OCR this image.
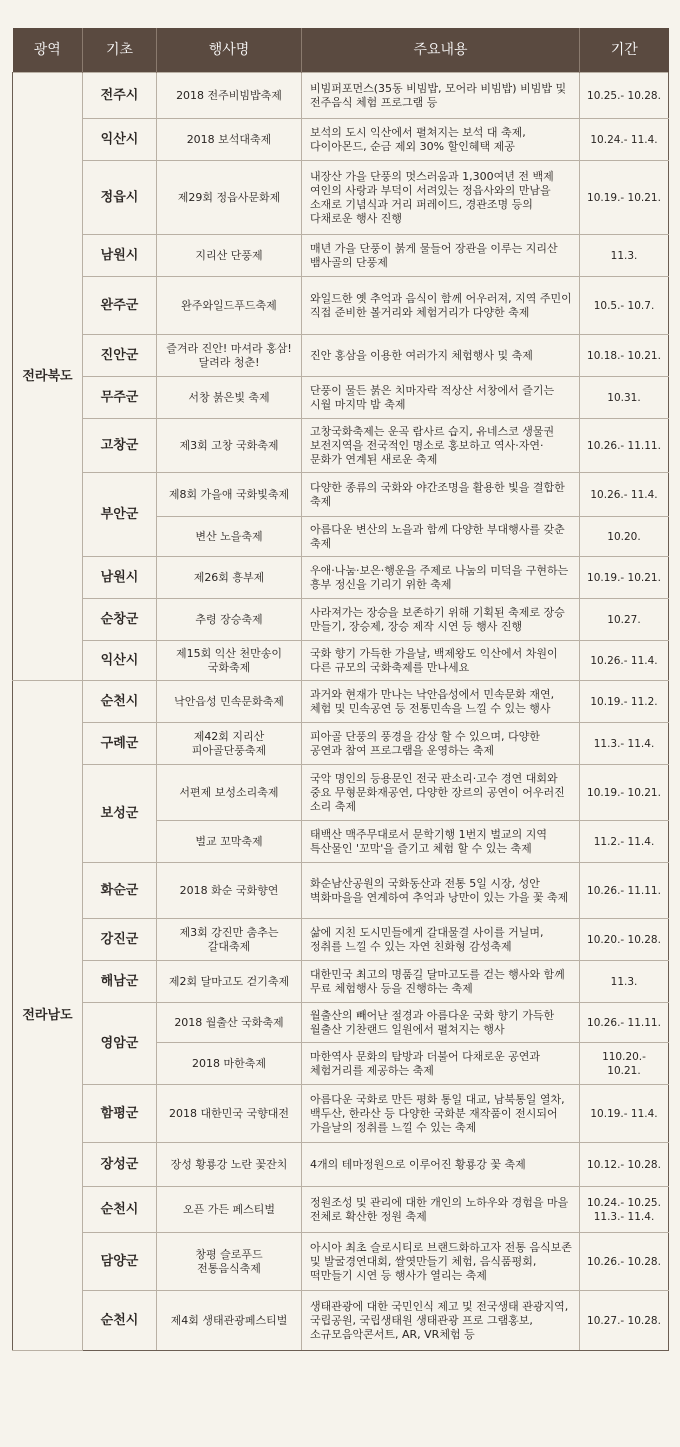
광역	기초	행사명	주요내용	기간
전라북도	전주시	2018 전주비빔밥축제	비빔퍼포먼스(35동 비빔밥, 모어라 비빔밥) 비빔밥 및 전주음식 체험 프로그램 등	10.25.- 10.28.

	익산시	2018 보석대축제	보석의 도시 익산에서 펼쳐지는 보석 대 축제, 다이아몬드, 순금 제외 30% 할인혜택 제공	10.24.- 11.4.

	정읍시	제29회 정읍사문화제	내장산 가을 단풍의 멋스러움과 1,300여년 전 백제 여인의 사랑과 부덕이 서려있는 정읍사와의 만남을 소재로 기념식과 거리 퍼레이드, 경관조명 등의 다채로운 행사 진행	10.19.- 10.21.

	남원시	지리산 단풍제	매년 가을 단풍이 붉게 물들어 장관을 이루는 지리산 뱀사골의 단풍제	11.3.

	완주군	완주와일드푸드축제	와일드한 옛 추억과 음식이 함께 어우러져, 지역 주민이 직접 준비한 볼거리와 체험거리가 다양한 축제	10.5.- 10.7.

	진안군	즐겨라 진안! 마셔라 홍삼! 달려라 청춘!	진안 홍삼을 이용한 여러가지 체험행사 및 축제	10.18.- 10.21.

	무주군	서창 붉은빛 축제	단풍이 물든 붉은 치마자락 적상산 서창에서 즐기는 시월 마지막 밤 축제	10.31.

	고창군	제3회 고창 국화축제	고창국화축제는 운곡 람사르 습지, 유네스코 생물권 보전지역을 전국적인 명소로 홍보하고 역사·자연·문화가 연계된 새로운 축제	10.26.- 11.11.

	부안군	제8회 가을애 국화빛축제	다양한 종류의 국화와 야간조명을 활용한 빛을 결합한 축제	10.26.- 11.4.

		변산 노을축제	아름다운 변산의 노을과 함께 다양한 부대행사를 갖춘 축제	10.20.

	남원시	제26회 흥부제	우애·나눔·보은·행운을 주제로 나눔의 미덕을 구현하는 흥부 정신을 기리기 위한 축제	10.19.- 10.21.

	순창군	추령 장승축제	사라져가는 장승을 보존하기 위해 기획된 축제로 장승 만들기, 장승제, 장승 제작 시연 등 행사 진행	10.27.

	익산시	제15회 익산 천만송이 국화축제	국화 향기 가득한 가을날, 백제왕도 익산에서 차원이 다른 규모의 국화축제를 만나세요	10.26.- 11.4.

전라남도	순천시	낙안읍성 민속문화축제	과거와 현재가 만나는 낙안읍성에서 민속문화 재연, 체험 및 민속공연 등 전통민속을 느낄 수 있는 행사	10.19.- 11.2.

	구례군	제42회 지리산 피아골단풍축제	피아골 단풍의 풍경을 감상 할 수 있으며, 다양한 공연과 참여 프로그램을 운영하는 축제	11.3.- 11.4.

	보성군	서편제 보성소리축제	국악 명인의 등용문인 전국 판소리·고수 경연 대회와 중요 무형문화재공연, 다양한 장르의 공연이 어우러진 소리 축제	10.19.- 10.21.

		벌교 꼬막축제	태백산 맥주무대로서 문학기행 1번지 벌교의 지역 특산물인 '꼬막'을 즐기고 체험 할 수 있는 축제	11.2.- 11.4.

	화순군	2018 화순 국화향연	화순남산공원의 국화동산과 전통 5일 시장, 성안 벽화마을을 연계하여 추억과 낭만이 있는 가을 꽃 축제	10.26.- 11.11.

	강진군	제3회 강진만 춤추는 갈대축제	삶에 지친 도시민들에게 갈대물결 사이를 거닐며, 정취를 느낄 수 있는 자연 친화형 감성축제	10.20.- 10.28.

	해남군	제2회 달마고도 걷기축제	대한민국 최고의 명품길 달마고도를 걷는 행사와 함께 무료 체험행사 등을 진행하는 축제	11.3.

	영암군	2018 월출산 국화축제	월출산의 빼어난 절경과 아름다운 국화 향기 가득한 월출산 기찬랜드 일원에서 펼쳐지는 행사	10.26.- 11.11.

		2018 마한축제	마한역사 문화의 탐방과 더불어 다채로운 공연과 체험거리를 제공하는 축제	110.20.- 10.21.

	함평군	2018 대한민국 국향대전	아름다운 국화로 만든 평화 통일 대교, 남북통일 열차, 백두산, 한라산 등 다양한 국화분 재작품이 전시되어 가을날의 정취를 느낄 수 있는 축제	10.19.- 11.4.

	장성군	장성 황룡강 노란 꽃잔치	4개의 테마정원으로 이루어진 황룡강 꽃 축제	10.12.- 10.28.

	순천시	오픈 가든 페스티벌	정원조성 및 관리에 대한 개인의 노하우와 경험을 마을 전체로 확산한 정원 축제	10.24.- 10.25.
11.3.- 11.4.

	담양군	창평 슬로푸드 전통음식축제	아시아 최초 슬로시티로 브랜드화하고자 전통 음식보존 및 발굴경연대회, 쌀엿만들기 체험, 음식품평회, 떡만들기 시연 등 행사가 열리는 축제	10.26.- 10.28.

	순천시	제4회 생태관광페스티벌	생태관광에 대한 국민인식 제고 및 전국생태 관광지역, 국립공원, 국립생태원 생태관광 프로 그램홍보, 소규모음악콘서트, AR, VR체험 등	10.27.- 10.28.
